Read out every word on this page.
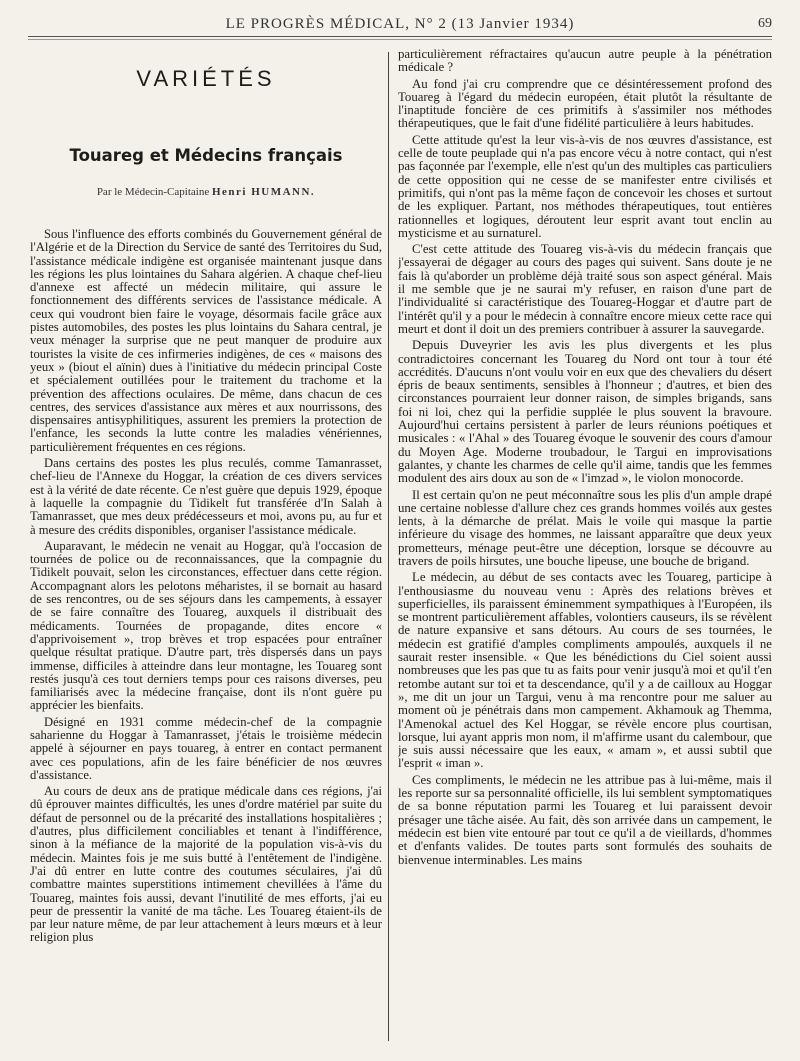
LE PROGRÈS MÉDICAL, N° 2 (13 Janvier 1934)	69
VARIÉTÉS
Touareg et Médecins français
Par le Médecin-Capitaine Henri HUMANN.

Sous l'influence des efforts combinés du Gouvernement général de l'Algérie et de la Direction du Service de santé des Territoires du Sud, l'assistance médicale indigène est organisée maintenant jusque dans les régions les plus lointaines du Sahara algérien. A chaque chef-lieu d'annexe est affecté un médecin militaire, qui assure le fonctionnement des différents services de l'assistance médicale. A ceux qui voudront bien faire le voyage, désormais facile grâce aux pistes automobiles, des postes les plus lointains du Sahara central, je veux ménager la surprise que ne peut manquer de produire aux touristes la visite de ces infirmeries indigènes, de ces « maisons des yeux » (biout el aïnin) dues à l'initiative du médecin principal Coste et spécialement outillées pour le traitement du trachome et la prévention des affections oculaires. De même, dans chacun de ces centres, des services d'assistance aux mères et aux nourrissons, des dispensaires antisyphilitiques, assurent les premiers la protection de l'enfance, les seconds la lutte contre les maladies vénériennes, particulièrement fréquentes en ces régions.

Dans certains des postes les plus reculés, comme Tamanrasset, chef-lieu de l'Annexe du Hoggar, la création de ces divers services est à la vérité de date récente. Ce n'est guère que depuis 1929, époque à laquelle la compagnie du Tidikelt fut transférée d'In Salah à Tamanrasset, que mes deux prédécesseurs et moi, avons pu, au fur et à mesure des crédits disponibles, organiser l'assistance médicale.

Auparavant, le médecin ne venait au Hoggar, qu'à l'occasion de tournées de police ou de reconnaissances, que la compagnie du Tidikelt pouvait, selon les circonstances, effectuer dans cette région. Accompagnant alors les pelotons méharistes, il se bornait au hasard de ses rencontres, ou de ses séjours dans les campements, à essayer de se faire connaître des Touareg, auxquels il distribuait des médicaments. Tournées de propagande, dites encore « d'apprivoisement », trop brèves et trop espacées pour entraîner quelque résultat pratique. D'autre part, très dispersés dans un pays immense, difficiles à atteindre dans leur montagne, les Touareg sont restés jusqu'à ces tout derniers temps pour ces raisons diverses, peu familiarisés avec la médecine française, dont ils n'ont guère pu apprécier les bienfaits.

Désigné en 1931 comme médecin-chef de la compagnie saharienne du Hoggar à Tamanrasset, j'étais le troisième médecin appelé à séjourner en pays touareg, à entrer en contact permanent avec ces populations, afin de les faire bénéficier de nos œuvres d'assistance.

Au cours de deux ans de pratique médicale dans ces régions, j'ai dû éprouver maintes difficultés, les unes d'ordre matériel par suite du défaut de personnel ou de la précarité des installations hospitalières ; d'autres, plus difficilement conciliables et tenant à l'indifférence, sinon à la méfiance de la majorité de la population vis-à-vis du médecin. Maintes fois je me suis butté à l'entêtement de l'indigène. J'ai dû entrer en lutte contre des coutumes séculaires, j'ai dû combattre maintes superstitions intimement chevillées à l'âme du Touareg, maintes fois aussi, devant l'inutilité de mes efforts, j'ai eu peur de pressentir la vanité de ma tâche. Les Touareg étaient-ils de par leur nature même, de par leur attachement à leurs mœurs et à leur religion plus

particulièrement réfractaires qu'aucun autre peuple à la pénétration médicale ?

Au fond j'ai cru comprendre que ce désintéressement profond des Touareg à l'égard du médecin européen, était plutôt la résultante de l'inaptitude foncière de ces primitifs à s'assimiler nos méthodes thérapeutiques, que le fait d'une fidélité particulière à leurs habitudes.

Cette attitude qu'est la leur vis-à-vis de nos œuvres d'assistance, est celle de toute peuplade qui n'a pas encore vécu à notre contact, qui n'est pas façonnée par l'exemple, elle n'est qu'un des multiples cas particuliers de cette opposition qui ne cesse de se manifester entre civilisés et primitifs, qui n'ont pas la même façon de concevoir les choses et surtout de les expliquer. Partant, nos méthodes thérapeutiques, tout entières rationnelles et logiques, déroutent leur esprit avant tout enclin au mysticisme et au surnaturel.

C'est cette attitude des Touareg vis-à-vis du médecin français que j'essayerai de dégager au cours des pages qui suivent. Sans doute je ne fais là qu'aborder un problème déjà traité sous son aspect général. Mais il me semble que je ne saurai m'y refuser, en raison d'une part de l'individualité si caractéristique des Touareg-Hoggar et d'autre part de l'intérêt qu'il y a pour le médecin à connaître encore mieux cette race qui meurt et dont il doit un des premiers contribuer à assurer la sauvegarde.

Depuis Duveyrier les avis les plus divergents et les plus contradictoires concernant les Touareg du Nord ont tour à tour été accrédités. D'aucuns n'ont voulu voir en eux que des chevaliers du désert épris de beaux sentiments, sensibles à l'honneur ; d'autres, et bien des circonstances pourraient leur donner raison, de simples brigands, sans foi ni loi, chez qui la perfidie supplée le plus souvent la bravoure. Aujourd'hui certains persistent à parler de leurs réunions poétiques et musicales : « l'Ahal » des Touareg évoque le souvenir des cours d'amour du Moyen Age. Moderne troubadour, le Targui en improvisations galantes, y chante les charmes de celle qu'il aime, tandis que les femmes modulent des airs doux au son de « l'imzad », le violon monocorde.

Il est certain qu'on ne peut méconnaître sous les plis d'un ample drapé une certaine noblesse d'allure chez ces grands hommes voilés aux gestes lents, à la démarche de prélat. Mais le voile qui masque la partie inférieure du visage des hommes, ne laissant apparaître que deux yeux prometteurs, ménage peut-être une déception, lorsque se découvre au travers de poils hirsutes, une bouche lipeuse, une bouche de brigand.

Le médecin, au début de ses contacts avec les Touareg, participe à l'enthousiasme du nouveau venu : Après des relations brèves et superficielles, ils paraissent éminemment sympathiques à l'Européen, ils se montrent particulièrement affables, volontiers causeurs, ils se révèlent de nature expansive et sans détours. Au cours de ses tournées, le médecin est gratifié d'amples compliments ampoulés, auxquels il ne saurait rester insensible. « Que les bénédictions du Ciel soient aussi nombreuses que les pas que tu as faits pour venir jusqu'à moi et qu'il t'en retombe autant sur toi et ta descendance, qu'il y a de cailloux au Hoggar », me dit un jour un Targui, venu à ma rencontre pour me saluer au moment où je pénétrais dans mon campement. Akhamouk ag Themma, l'Amenokal actuel des Kel Hoggar, se révèle encore plus courtisan, lorsque, lui ayant appris mon nom, il m'affirme usant du calembour, que je suis aussi nécessaire que les eaux, « amam », et aussi subtil que l'esprit « iman ».

Ces compliments, le médecin ne les attribue pas à lui-même, mais il les reporte sur sa personnalité officielle, ils lui semblent symptomatiques de sa bonne réputation parmi les Touareg et lui paraissent devoir présager une tâche aisée. Au fait, dès son arrivée dans un campement, le médecin est bien vite entouré par tout ce qu'il a de vieillards, d'hommes et d'enfants valides. De toutes parts sont formulés des souhaits de bienvenue interminables. Les mains
